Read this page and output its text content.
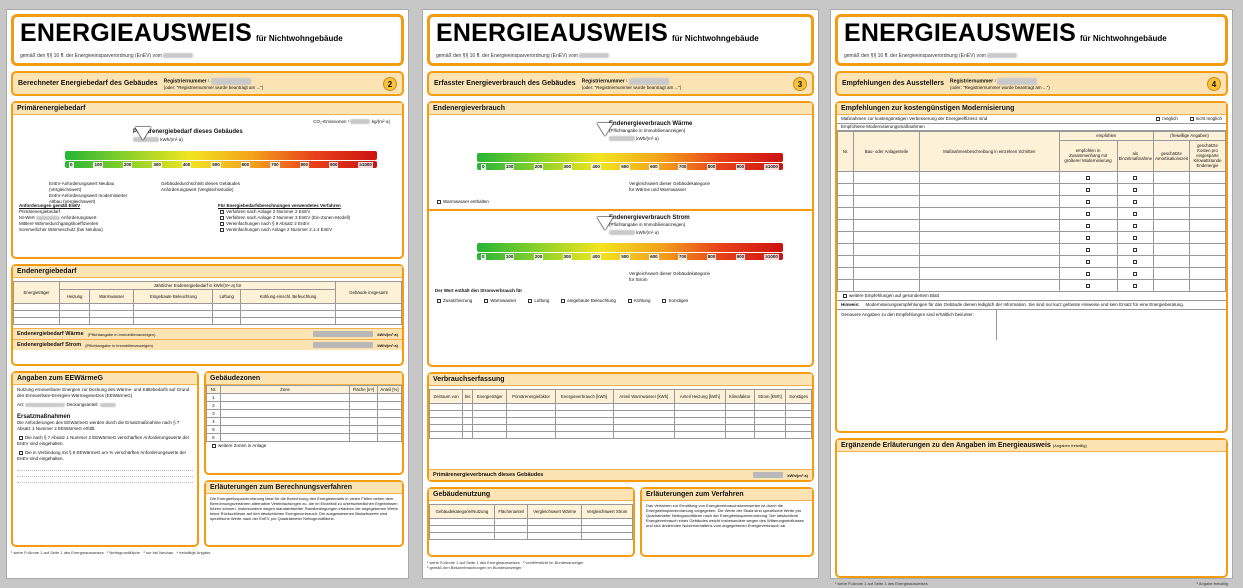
ENERGIEAUSWEIS für Nichtwohngebäude
gemäß den §§ 16 ff. der Energieeinsparverordnung (EnEV) vom
Berechneter Energiebedarf des Gebäudes Registriernummer ¹
(oder: "Registriernummer wurde beantragt am ...")	2
Primärenergiebedarf
CO₂-Emissionen ¹	kg/(m²·a)
Primärenergiebedarf dieses Gebäudes
kWh/(m²·a)
0	100	200	300	400	500	600	700	800	900	≥1000
EnEV-Anforderungswert Neubau (Vergleichswert)
EnEV-Anforderungswert modernisierter Altbau (Vergleichswert)
Gebäudedurchschnitt dieses Gebäudes
Anforderungswert (Vergleichsstudie)
Anforderungen gemäß EnEV
Primärenergiebedarf
Ist-Wert	Anforderungswert
Mittlere Wärmedurchgangskoeffizienten
Sommerlicher Wärmeschutz (bei Neubau)
Für Energiebedarfsberechnungen verwendetes Verfahren
Verfahren nach Anlage 2 Nummer 2 EnEV
Verfahren nach Anlage 2 Nummer 3 EnEV (Ein-Zonen-Modell)
Vereinfachungen nach § 9 Absatz 2 EnEV
Vereinfachungen nach Anlage 2 Nummer 2.1.4 EnEV
Endenergiebedarf
Energieträger	Jährlicher Endenergiebedarf in kWh/(m²·a) für					Gebäude insgesamt
	Heizung	Warmwasser	Eingebaute Beleuchtung	Lüftung	Kühlung einschl. Befeuchtung	

Endenergiebedarf Wärme (Pflichtangabe in Immobilienanzeigen)	kWh/(m²·a)
Endenergiebedarf Strom (Pflichtangabe in Immobilienanzeigen)	kWh/(m²·a)
Angaben zum EEWärmeG
Nutzung erneuerbarer Energien zur Deckung des Wärme- und Kältebedarfs auf Grund des Erneuerbare-Energien-Wärmegesetzes (EEWärmeG)
Art:	Deckungsanteil:
Ersatzmaßnahmen
Die Anforderungen des EEWärmeG werden durch die Ersatzmaßnahme nach § 7 Absatz 1 Nummer 2 EEWärmeG erfüllt.
Die nach § 7 Absatz 1 Nummer 2 EEWärmeG verschärften Anforderungswerte der EnEV sind eingehalten.
Die in Verbindung mit § 8 EEWärmeG um % verschärften Anforderungswerte der EnEV sind eingehalten.
Gebäudezonen
Nr.	Zone	Fläche [m²]	Anteil [%]
1			
2			
3			
4			
5			
6			
weitere Zonen in Anlage
Erläuterungen zum Berechnungsverfahren
Die Energieeinsparverordnung lässt für die Berechnung des Energiebedarfs in vielen Fällen neben dem Berechnungsverfahren alternative Vereinfachungen zu, die im Einzelfall zu unterschiedlichen Ergebnissen führen können. Insbesondere wegen standardisierter Randbedingungen erlauben die angegebenen Werte keine Rückschlüsse auf den tatsächlichen Energieverbrauch. Die ausgewiesenen Bedarfswerte sind spezifische Werte nach der EnEV pro Quadratmeter Nettogrundfläche.
¹ siehe Fußnote 1 auf Seite 1 des Energieausweises ² Nettogrundfläche ³ nur bei Neubau ⁴ freiwillige Angabe
ENERGIEAUSWEIS für Nichtwohngebäude
gemäß den §§ 16 ff. der Energieeinsparverordnung (EnEV) vom
Erfasster Energieverbrauch des Gebäudes Registriernummer ¹
(oder: "Registriernummer wurde beantragt am ...")	3
Endenergieverbrauch
Endenergieverbrauch Wärme
(Pflichtangabe in Immobilienanzeigen)
kWh/(m²·a)
0	100	200	300	400	500	600	700	800	900	≥1000
Vergleichswert dieser Gebäudekategorie
für Wärme und Warmwasser
Warmwasser enthalten
Endenergieverbrauch Strom
(Pflichtangabe in Immobilienanzeigen)
kWh/(m²·a)
0	100	200	300	400	500	600	700	800	900	≥1000
Vergleichswert dieser Gebäudekategorie
für Strom
Der Wert enthält den Stromverbrauch für
Zusatzheizung	Warmwasser	Lüftung	eingebaute Beleuchtung	Kühlung	Sonstiges
Verbrauchserfassung
Zeitraum von	bis	Energieträger	Primärenergiefaktor	Energieverbrauch [kWh]	Anteil Warmwasser [kWh]	Anteil Heizung [kWh]	Klimafaktor	Strom [kWh]	Sonstiges

Primärenergieverbrauch dieses Gebäudes	kWh/(m²·a)
Gebäudenutzung
Gebäudekategorie/Nutzung	Flächenanteil	Vergleichswert Wärme	Vergleichswert Strom

Erläuterungen zum Verfahren
Das Verfahren zur Ermittlung von Energieverbrauchskennwerten ist durch die Energieeinsparverordnung vorgegeben. Die Werte der Skala sind spezifische Werte pro Quadratmeter Nettogrundfläche nach der Energieeinsparverordnung. Der tatsächliche Energieverbrauch eines Gebäudes weicht insbesondere wegen des Witterungseinflusses und sich ändernden Nutzerverhaltens vom angegebenen Energieverbrauch ab.
¹ siehe Fußnote 1 auf Seite 1 des Energieausweises ² veröffentlicht im Bundesanzeiger
³ gemäß den Bekanntmachungen im Bundesanzeiger
ENERGIEAUSWEIS für Nichtwohngebäude
gemäß den §§ 16 ff. der Energieeinsparverordnung (EnEV) vom
Empfehlungen des Ausstellers Registriernummer ¹
(oder: "Registriernummer wurde beantragt am ...")	4
Empfehlungen zur kostengünstigen Modernisierung
Maßnahmen zur kostengünstigen Verbesserung der Energieeffizienz sind	möglich	nicht möglich
Empfohlene Modernisierungsmaßnahmen
Nr.	Bau- oder Anlagenteile	Maßnahmenbeschreibung in einzelnen Schritten	empfohlen		(freiwillige Angaben)	
			empfohlen in Zusammenhang mit größerer Modernisierung	als Einzelmaßnahme	geschätzte Amortisationszeit	geschätzte Kosten pro eingesparte Kilowattstunde Endenergie

weitere Empfehlungen auf gesondertem Blatt
Hinweis: Modernisierungsempfehlungen für das Gebäude dienen lediglich der Information. Sie sind nur kurz gefasste Hinweise und kein Ersatz für eine Energieberatung.
Genauere Angaben zu den Empfehlungen sind erhältlich bei/unter:
Ergänzende Erläuterungen zu den Angaben im Energieausweis (Angaben freiwillig)
¹ siehe Fußnote 1 auf Seite 1 des Energieausweises	² Angabe freiwillig
